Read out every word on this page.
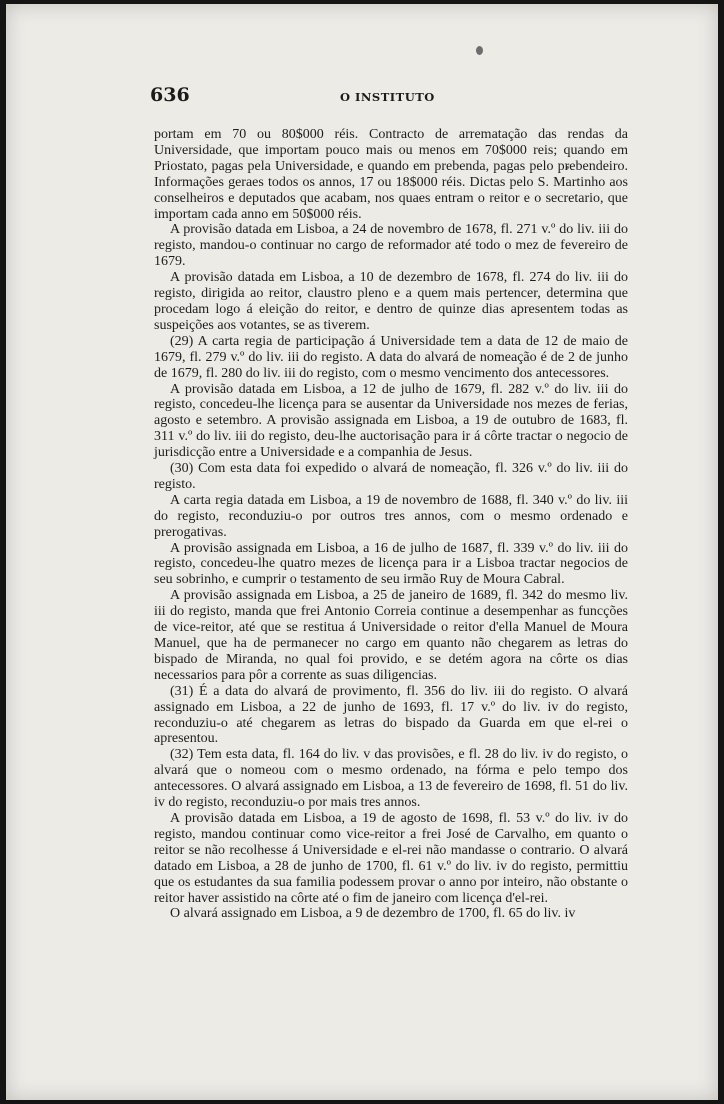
636	O INSTITUTO

portam em 70 ou 80$000 réis. Contracto de arrematação das rendas da Universidade, que importam pouco mais ou menos em 70$000 reis; quando em Priostato, pagas pela Universidade, e quando em prebenda, pagas pelo prebendeiro. Informações geraes todos os annos, 17 ou 18$000 réis. Dictas pelo S. Martinho aos conselheiros e deputados que acabam, nos quaes entram o reitor e o secretario, que importam cada anno em 50$000 réis.

A provisão datada em Lisboa, a 24 de novembro de 1678, fl. 271 v.º do liv. iii do registo, mandou-o continuar no cargo de reformador até todo o mez de fevereiro de 1679.

A provisão datada em Lisboa, a 10 de dezembro de 1678, fl. 274 do liv. iii do registo, dirigida ao reitor, claustro pleno e a quem mais pertencer, determina que procedam logo á eleição do reitor, e dentro de quinze dias apresentem todas as suspeições aos votantes, se as tiverem.

(29) A carta regia de participação á Universidade tem a data de 12 de maio de 1679, fl. 279 v.º do liv. iii do registo. A data do alvará de nomeação é de 2 de junho de 1679, fl. 280 do liv. iii do registo, com o mesmo vencimento dos antecessores.

A provisão datada em Lisboa, a 12 de julho de 1679, fl. 282 v.º do liv. iii do registo, concedeu-lhe licença para se ausentar da Universidade nos mezes de ferias, agosto e setembro. A provisão assignada em Lisboa, a 19 de outubro de 1683, fl. 311 v.º do liv. iii do registo, deu-lhe auctorisação para ir á côrte tractar o negocio de jurisdicção entre a Universidade e a companhia de Jesus.

(30) Com esta data foi expedido o alvará de nomeação, fl. 326 v.º do liv. iii do registo.

A carta regia datada em Lisboa, a 19 de novembro de 1688, fl. 340 v.º do liv. iii do registo, reconduziu-o por outros tres annos, com o mesmo ordenado e prerogativas.

A provisão assignada em Lisboa, a 16 de julho de 1687, fl. 339 v.º do liv. iii do registo, concedeu-lhe quatro mezes de licença para ir a Lisboa tractar negocios de seu sobrinho, e cumprir o testamento de seu irmão Ruy de Moura Cabral.

A provisão assignada em Lisboa, a 25 de janeiro de 1689, fl. 342 do mesmo liv. iii do registo, manda que frei Antonio Correia continue a desempenhar as funcções de vice-reitor, até que se restitua á Universidade o reitor d'ella Manuel de Moura Manuel, que ha de permanecer no cargo em quanto não chegarem as letras do bispado de Miranda, no qual foi provido, e se detém agora na côrte os dias necessarios para pôr a corrente as suas diligencias.

(31) É a data do alvará de provimento, fl. 356 do liv. iii do registo. O alvará assignado em Lisboa, a 22 de junho de 1693, fl. 17 v.º do liv. iv do registo, reconduziu-o até chegarem as letras do bispado da Guarda em que el-rei o apresentou.

(32) Tem esta data, fl. 164 do liv. v das provisões, e fl. 28 do liv. iv do registo, o alvará que o nomeou com o mesmo ordenado, na fórma e pelo tempo dos antecessores. O alvará assignado em Lisboa, a 13 de fevereiro de 1698, fl. 51 do liv. iv do registo, reconduziu-o por mais tres annos.

A provisão datada em Lisboa, a 19 de agosto de 1698, fl. 53 v.º do liv. iv do registo, mandou continuar como vice-reitor a frei José de Carvalho, em quanto o reitor se não recolhesse á Universidade e el-rei não mandasse o contrario. O alvará datado em Lisboa, a 28 de junho de 1700, fl. 61 v.º do liv. iv do registo, permittiu que os estudantes da sua familia podessem provar o anno por inteiro, não obstante o reitor haver assistido na côrte até o fim de janeiro com licença d'el-rei.

O alvará assignado em Lisboa, a 9 de dezembro de 1700, fl. 65 do liv. iv
